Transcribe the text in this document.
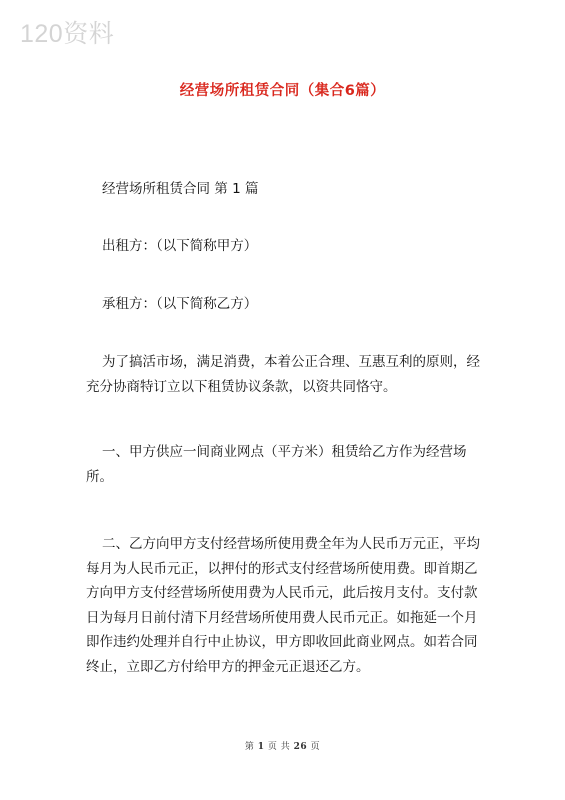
120资料
经营场所租赁合同（集合6篇）
经营场所租赁合同 第 1 篇
出租方：（以下简称甲方）
承租方：（以下简称乙方）
为了搞活市场，满足消费，本着公正合理、互惠互利的原则，经
充分协商特订立以下租赁协议条款，以资共同恪守。
一、甲方供应一间商业网点（平方米）租赁给乙方作为经营场
所。
二、乙方向甲方支付经营场所使用费全年为人民币万元正，平均
每月为人民币元正，以押付的形式支付经营场所使用费。即首期乙
方向甲方支付经营场所使用费为人民币元，此后按月支付。支付款
日为每月日前付清下月经营场所使用费人民币元正。如拖延一个月
即作违约处理并自行中止协议，甲方即收回此商业网点。如若合同
终止，立即乙方付给甲方的押金元正退还乙方。
第 1 页 共 26 页
